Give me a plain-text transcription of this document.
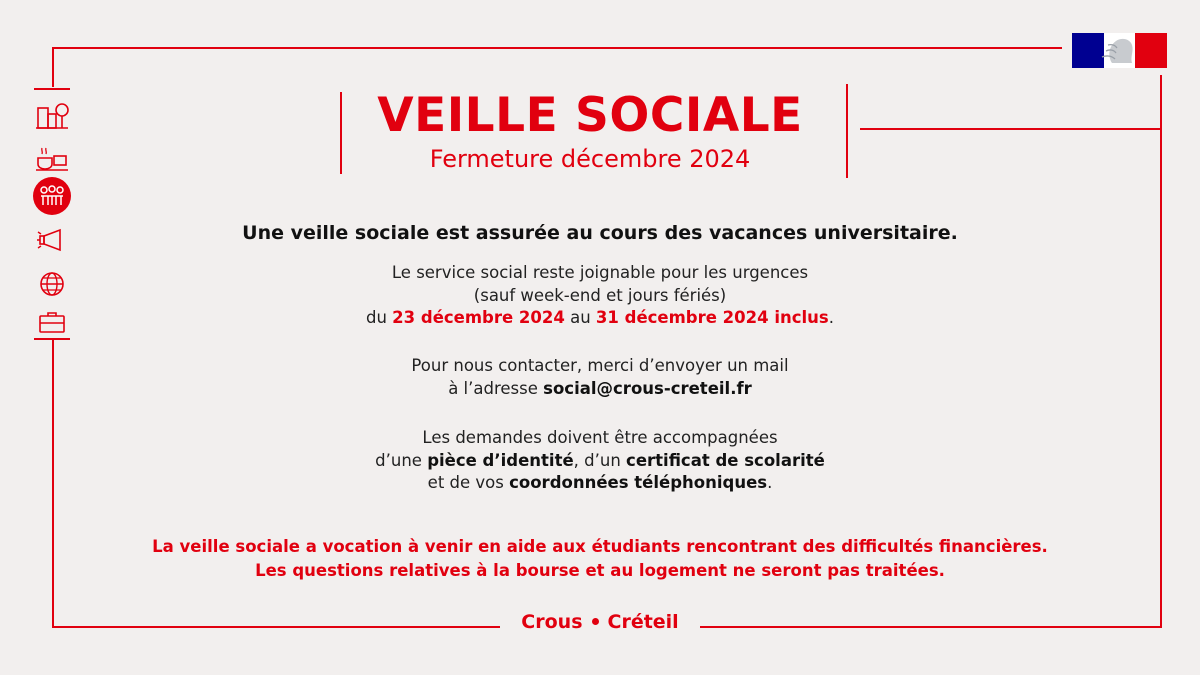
VEILLE SOCIALE
Fermeture décembre 2024
Une veille sociale est assurée au cours des vacances universitaire.
Le service social reste joignable pour les urgences
(sauf week-end et jours fériés)
du 23 décembre 2024 au 31 décembre 2024 inclus.
Pour nous contacter, merci d’envoyer un mail
à l’adresse social@crous-creteil.fr
Les demandes doivent être accompagnées
d’une pièce d’identité, d’un certificat de scolarité
et de vos coordonnées téléphoniques.
La veille sociale a vocation à venir en aide aux étudiants rencontrant des difficultés financières.
Les questions relatives à la bourse et au logement ne seront pas traitées.
Crous Créteil
